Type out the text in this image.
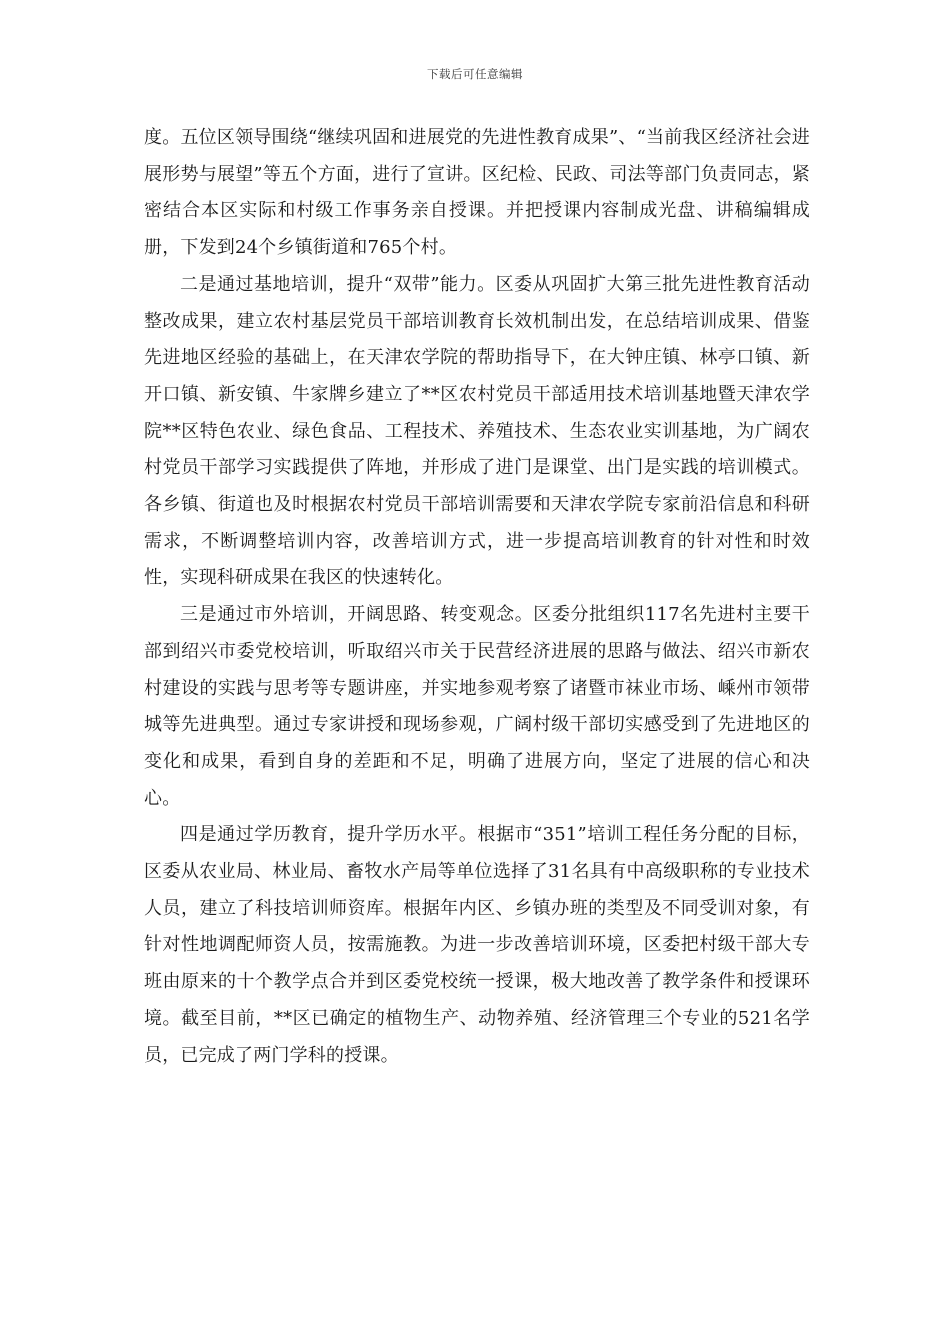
下载后可任意编辑

度。五位区领导围绕“继续巩固和进展党的先进性教育成果”、“当前我区经济社会进展形势与展望”等五个方面，进行了宣讲。区纪检、民政、司法等部门负责同志，紧密结合本区实际和村级工作事务亲自授课。并把授课内容制成光盘、讲稿编辑成册，下发到24个乡镇街道和765个村。

二是通过基地培训，提升“双带”能力。区委从巩固扩大第三批先进性教育活动整改成果，建立农村基层党员干部培训教育长效机制出发，在总结培训成果、借鉴先进地区经验的基础上，在天津农学院的帮助指导下，在大钟庄镇、林亭口镇、新开口镇、新安镇、牛家牌乡建立了**区农村党员干部适用技术培训基地暨天津农学院**区特色农业、绿色食品、工程技术、养殖技术、生态农业实训基地，为广阔农村党员干部学习实践提供了阵地，并形成了进门是课堂、出门是实践的培训模式。各乡镇、街道也及时根据农村党员干部培训需要和天津农学院专家前沿信息和科研需求，不断调整培训内容，改善培训方式，进一步提高培训教育的针对性和时效性，实现科研成果在我区的快速转化。

三是通过市外培训，开阔思路、转变观念。区委分批组织117名先进村主要干部到绍兴市委党校培训，听取绍兴市关于民营经济进展的思路与做法、绍兴市新农村建设的实践与思考等专题讲座，并实地参观考察了诸暨市袜业市场、嵊州市领带城等先进典型。通过专家讲授和现场参观，广阔村级干部切实感受到了先进地区的变化和成果，看到自身的差距和不足，明确了进展方向，坚定了进展的信心和决心。

四是通过学历教育，提升学历水平。根据市“351”培训工程任务分配的目标，区委从农业局、林业局、畜牧水产局等单位选择了31名具有中高级职称的专业技术人员，建立了科技培训师资库。根据年内区、乡镇办班的类型及不同受训对象，有针对性地调配师资人员，按需施教。为进一步改善培训环境，区委把村级干部大专班由原来的十个教学点合并到区委党校统一授课，极大地改善了教学条件和授课环境。截至目前，**区已确定的植物生产、动物养殖、经济管理三个专业的521名学员，已完成了两门学科的授课。
